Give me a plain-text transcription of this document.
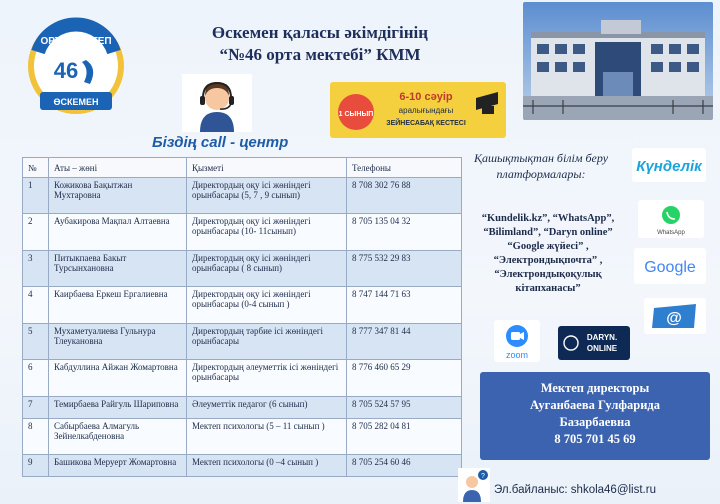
ОРТА МЕКТЕП
46
ӨСКЕМЕН
Өскемен қаласы әкімдігінің
“№46 орта мектебі” КММ
1 СЫНЫП
6-10 сәуір
аралығындағы
ЗЕЙНЕСАБАҚ КЕСТЕСІ
Біздің call - центр
№	Аты – жөні	Қызметі	Телефоны
1	Кожикова Бақытжан Мухтаровна	Директордың оқу ісі жөніндегі орынбасары (5, 7 , 9 сынып)	8 708 302 76 88
2	Аубакирова Мақпал Алтаевна	Директордың оқу ісі жөніндегі орынбасары (10- 11сынып)	8 705 135 04 32
3	Питыкпаева Бакыт Турсынхановна	Директордың оқу ісі жөніндегі орынбасары ( 8 сынып)	8 775 532 29 83
4	Каирбаева Еркеш Ергалиевна	Директордың оқу ісі жөніндегі орынбасары (0-4 сынып )	8 747 144 71 63
5	Мухаметуалиева Гульнура Тлеукановна	Директордың тәрбие ісі жөніндегі орынбасары	8 777 347 81 44
6	Кабдуллина Айжан Жомартовна	Директордың әлеуметтік ісі жөніндегі орынбасары	8 776 460 65 29
7	Темирбаева Райгуль Шариповна	Әлеуметтік педагог (6 сынып)	8 705 524 57 95
8	Сабырбаева Алмагуль Зейнелкабденовна	Мектеп психологы (5 – 11 сынып )	8 705 282 04 81
9	Башикова Меруерт Жомартовна	Мектеп психологы (0 –4 сынып )	8 705 254 60 46
Қашықтықтан білім беру
платформалары:
“Kundelik.kz”, “WhatsApp”,
“Bilimland”, “Daryn online”
“Google жүйесі” ,
“Электрондықпочта” ,
“Электрондықоқулық кітапханасы”
Күнделік
WhatsApp
Google
@
zoom
DARYN.
ONLINE
Мектеп директоры
Ауганбаева Гулфарида
Базарбаевна
8 705 701 45 69
?
Эл.байланыс: shkola46@list.ru
